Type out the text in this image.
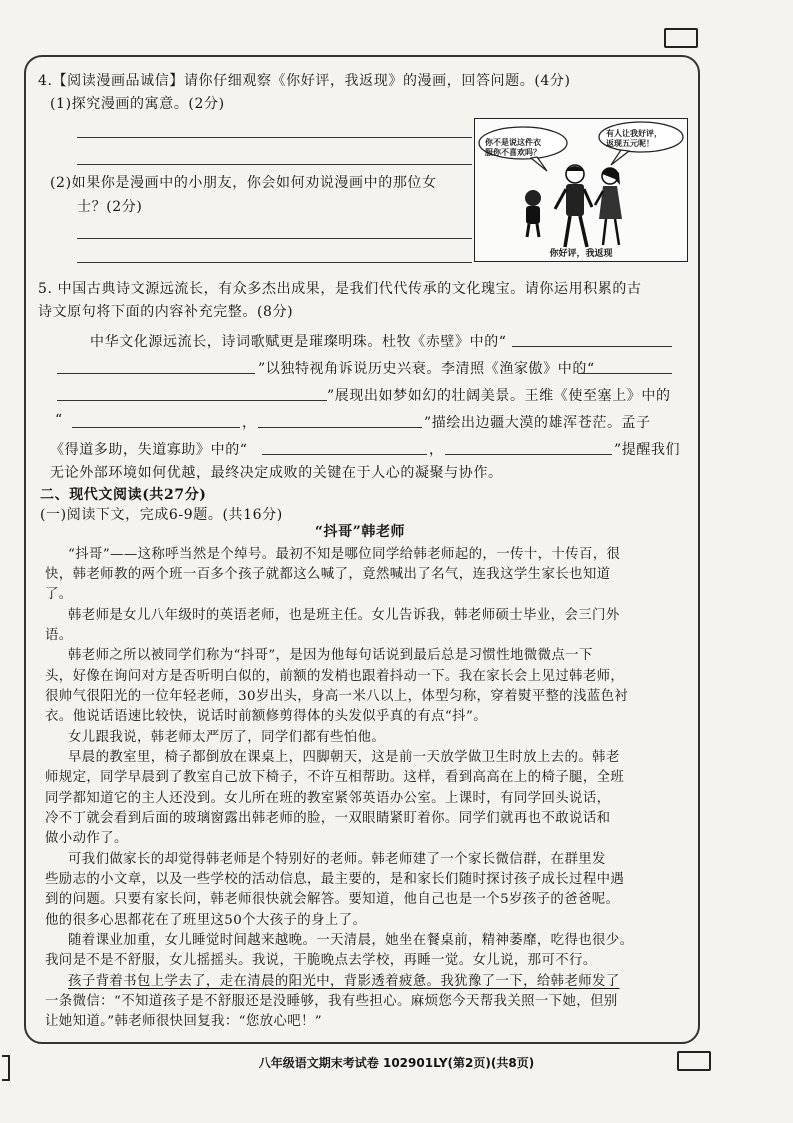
4.【阅读漫画品诚信】请你仔细观察《你好评，我返现》的漫画，回答问题。(4分)
(1)探究漫画的寓意。(2分)
(2)如果你是漫画中的小朋友，你会如何劝说漫画中的那位女
士？(2分)
你不是说这件衣
服你不喜欢吗？
有人让我好评，
返现五元呢！
你好评，我返现
5. 中国古典诗文源远流长，有众多杰出成果，是我们代代传承的文化瑰宝。请你运用积累的古
诗文原句将下面的内容补充完整。(8分)
中华文化源远流长，诗词歌赋更是璀璨明珠。杜牧《赤壁》中的“
”以独特视角诉说历史兴衰。李清照《渔家傲》中的“
”展现出如梦如幻的壮阔美景。王维《使至塞上》中的
“	，	”描绘出边疆大漠的雄浑苍茫。孟子
《得道多助，失道寡助》中的“	，	”提醒我们
无论外部环境如何优越，最终决定成败的关键在于人心的凝聚与协作。
二、现代文阅读(共27分)
(一)阅读下文，完成6-9题。(共16分)
“抖哥”韩老师
“抖哥”——这称呼当然是个绰号。最初不知是哪位同学给韩老师起的，一传十，十传百，很
快，韩老师教的两个班一百多个孩子就都这么喊了，竟然喊出了名气，连我这学生家长也知道
了。
韩老师是女儿八年级时的英语老师，也是班主任。女儿告诉我，韩老师硕士毕业，会三门外
语。
韩老师之所以被同学们称为“抖哥”，是因为他每句话说到最后总是习惯性地微微点一下
头，好像在询问对方是否听明白似的，前额的发梢也跟着抖动一下。我在家长会上见过韩老师，
很帅气很阳光的一位年轻老师，30岁出头，身高一米八以上，体型匀称，穿着熨平整的浅蓝色衬
衣。他说话语速比较快，说话时前额修剪得体的头发似乎真的有点“抖”。
女儿跟我说，韩老师太严厉了，同学们都有些怕他。
早晨的教室里，椅子都倒放在课桌上，四脚朝天，这是前一天放学做卫生时放上去的。韩老
师规定，同学早晨到了教室自己放下椅子，不许互相帮助。这样，看到高高在上的椅子腿，全班
同学都知道它的主人还没到。女儿所在班的教室紧邻英语办公室。上课时，有同学回头说话，
冷不丁就会看到后面的玻璃窗露出韩老师的脸，一双眼睛紧盯着你。同学们就再也不敢说话和
做小动作了。
可我们做家长的却觉得韩老师是个特别好的老师。韩老师建了一个家长微信群，在群里发
些励志的小文章，以及一些学校的活动信息，最主要的，是和家长们随时探讨孩子成长过程中遇
到的问题。只要有家长问，韩老师很快就会解答。要知道，他自己也是一个5岁孩子的爸爸呢。
他的很多心思都花在了班里这50个大孩子的身上了。
随着课业加重，女儿睡觉时间越来越晚。一天清晨，她坐在餐桌前，精神萎靡，吃得也很少。
我问是不是不舒服，女儿摇摇头。我说，干脆晚点去学校，再睡一觉。女儿说，那可不行。
孩子背着书包上学去了，走在清晨的阳光中，背影透着疲惫。我犹豫了一下，给韩老师发了
一条微信：“不知道孩子是不舒服还是没睡够，我有些担心。麻烦您今天帮我关照一下她，但别
让她知道。”韩老师很快回复我：“您放心吧！”
八年级语文期末考试卷 102901LY(第2页)(共8页)
